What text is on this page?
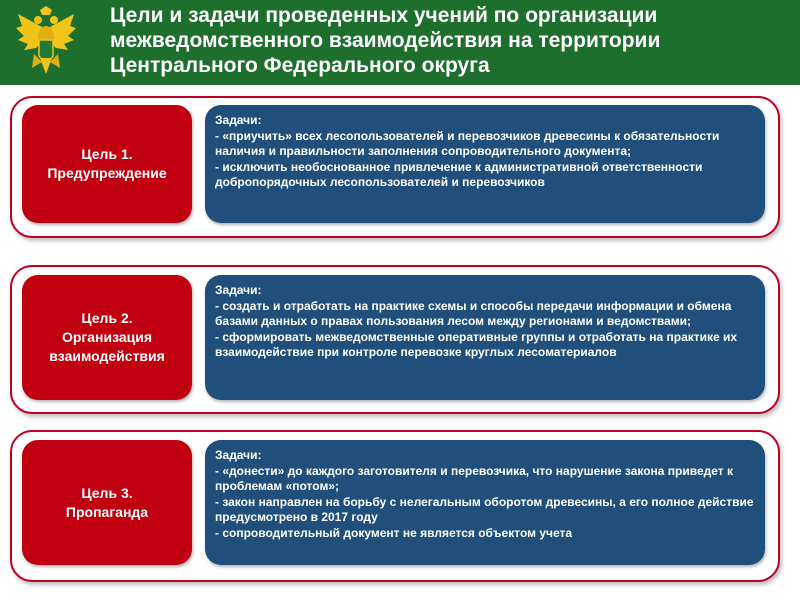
Цели и задачи проведенных учений по организации межведомственного взаимодействия на территории Центрального Федерального округа
Цель 1.
Предупреждение
Задачи:
- «приучить» всех лесопользователей и перевозчиков древесины к обязательности наличия и правильности заполнения сопроводительного документа;
- исключить необоснованное привлечение к административной ответственности добропорядочных лесопользователей и перевозчиков
Цель 2.
Организация
взаимодействия
Задачи:
- создать и отработать на практике схемы и способы передачи информации и обмена базами данных о правах пользования лесом между регионами и ведомствами;
- сформировать межведомственные оперативные группы и отработать на практике их взаимодействие при контроле перевозке круглых лесоматериалов
Цель 3.
Пропаганда
Задачи:
- «донести» до каждого заготовителя и перевозчика, что нарушение закона приведет к проблемам «потом»;
- закон направлен на борьбу с нелегальным оборотом древесины, а его полное действие предусмотрено в 2017 году
- сопроводительный документ не является объектом учета
